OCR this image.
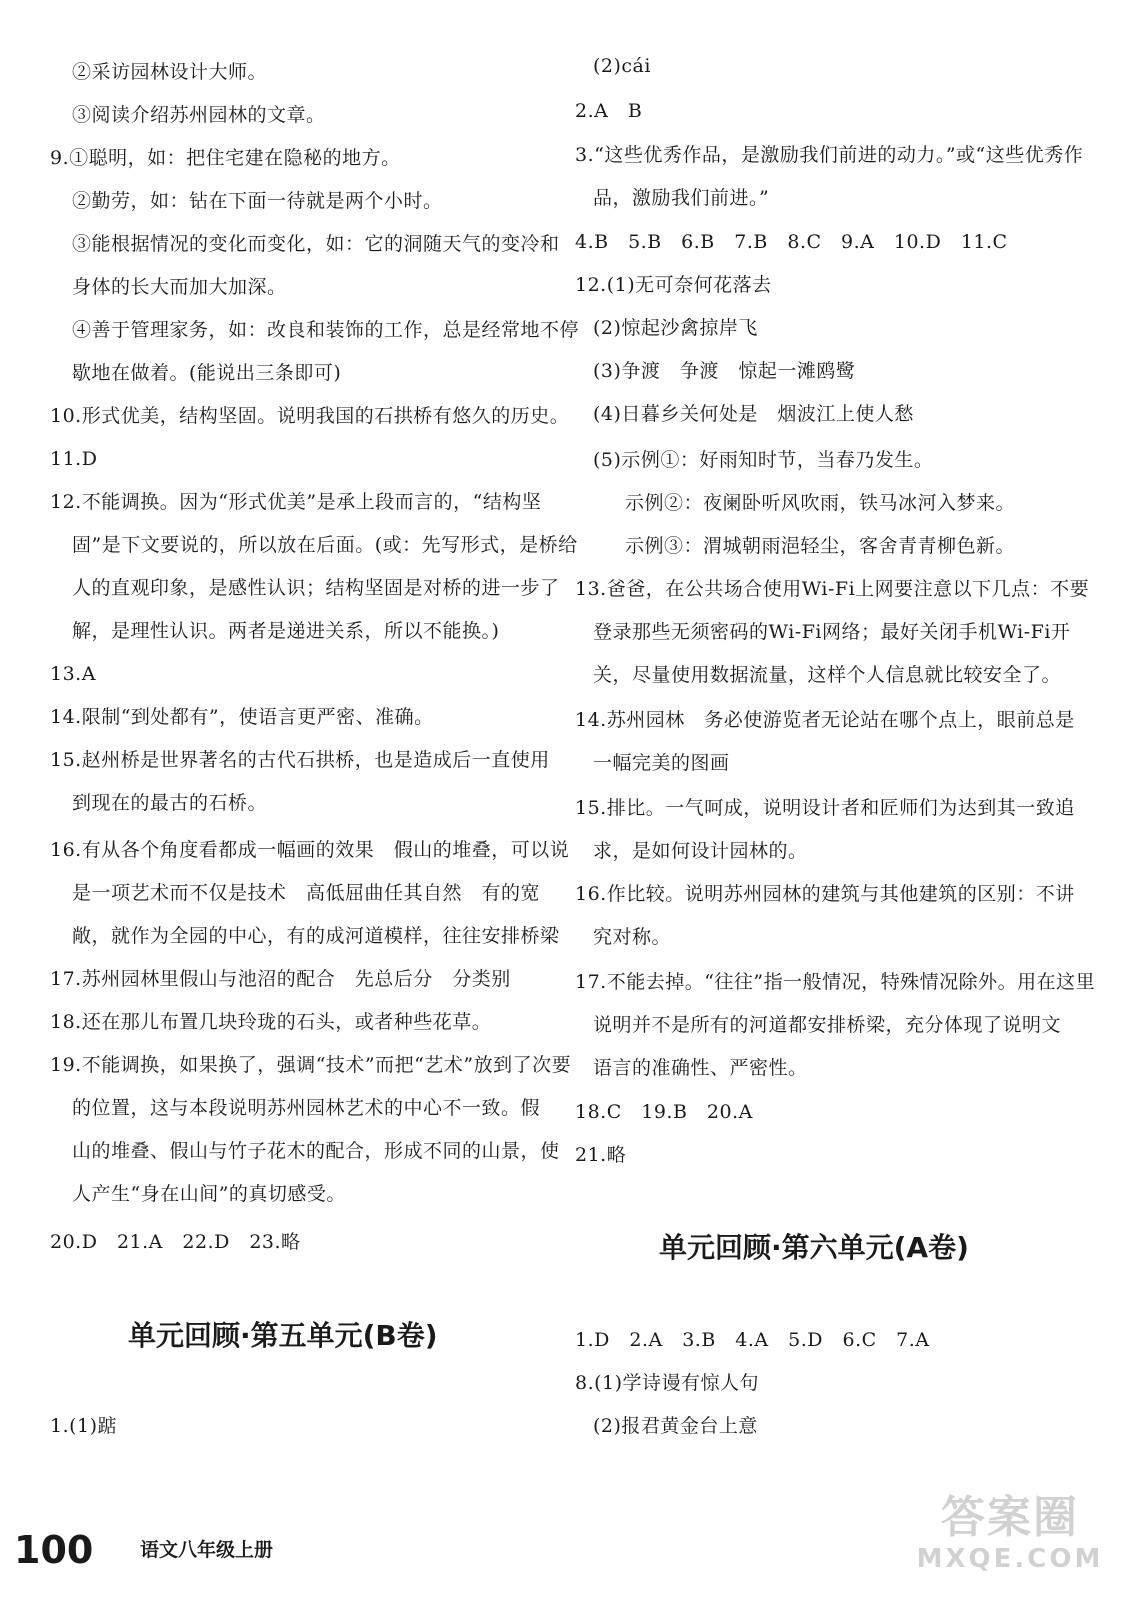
②采访园林设计大师。
③阅读介绍苏州园林的文章。
9.①聪明，如：把住宅建在隐秘的地方。
②勤劳，如：钻在下面一待就是两个小时。
③能根据情况的变化而变化，如：它的洞随天气的变冷和
身体的长大而加大加深。
④善于管理家务，如：改良和装饰的工作，总是经常地不停
歇地在做着。(能说出三条即可)
10.形式优美，结构坚固。说明我国的石拱桥有悠久的历史。
11.D
12.不能调换。因为“形式优美”是承上段而言的，“结构坚
固”是下文要说的，所以放在后面。(或：先写形式，是桥给
人的直观印象，是感性认识；结构坚固是对桥的进一步了
解，是理性认识。两者是递进关系，所以不能换。)
13.A
14.限制“到处都有”，使语言更严密、准确。
15.赵州桥是世界著名的古代石拱桥，也是造成后一直使用
到现在的最古的石桥。
16.有从各个角度看都成一幅画的效果　假山的堆叠，可以说
是一项艺术而不仅是技术　高低屈曲任其自然　有的宽
敞，就作为全园的中心，有的成河道模样，往往安排桥梁
17.苏州园林里假山与池沼的配合　先总后分　分类别
18.还在那儿布置几块玲珑的石头，或者种些花草。
19.不能调换，如果换了，强调“技术”而把“艺术”放到了次要
的位置，这与本段说明苏州园林艺术的中心不一致。假
山的堆叠、假山与竹子花木的配合，形成不同的山景，使
人产生“身在山间”的真切感受。
20.D　21.A　22.D　23.略
单元回顾·第五单元(B卷)
1.(1)踮
(2)cái
2.A　B
3.“这些优秀作品，是激励我们前进的动力。”或“这些优秀作
品，激励我们前进。”
4.B　5.B　6.B　7.B　8.C　9.A　10.D　11.C
12.(1)无可奈何花落去
(2)惊起沙禽掠岸飞
(3)争渡　争渡　惊起一滩鸥鹭
(4)日暮乡关何处是　烟波江上使人愁
(5)示例①：好雨知时节，当春乃发生。
示例②：夜阑卧听风吹雨，铁马冰河入梦来。
示例③：渭城朝雨浥轻尘，客舍青青柳色新。
13.爸爸，在公共场合使用Wi-Fi上网要注意以下几点：不要
登录那些无须密码的Wi-Fi网络；最好关闭手机Wi-Fi开
关，尽量使用数据流量，这样个人信息就比较安全了。
14.苏州园林　务必使游览者无论站在哪个点上，眼前总是
一幅完美的图画
15.排比。一气呵成，说明设计者和匠师们为达到其一致追
求，是如何设计园林的。
16.作比较。说明苏州园林的建筑与其他建筑的区别：不讲
究对称。
17.不能去掉。“往往”指一般情况，特殊情况除外。用在这里
说明并不是所有的河道都安排桥梁，充分体现了说明文
语言的准确性、严密性。
18.C　19.B　20.A
21.略
单元回顾·第六单元(A卷)
1.D　2.A　3.B　4.A　5.D　6.C　7.A
8.(1)学诗谩有惊人句
(2)报君黄金台上意
100 语文八年级上册
答案圈
MXQE.COM
